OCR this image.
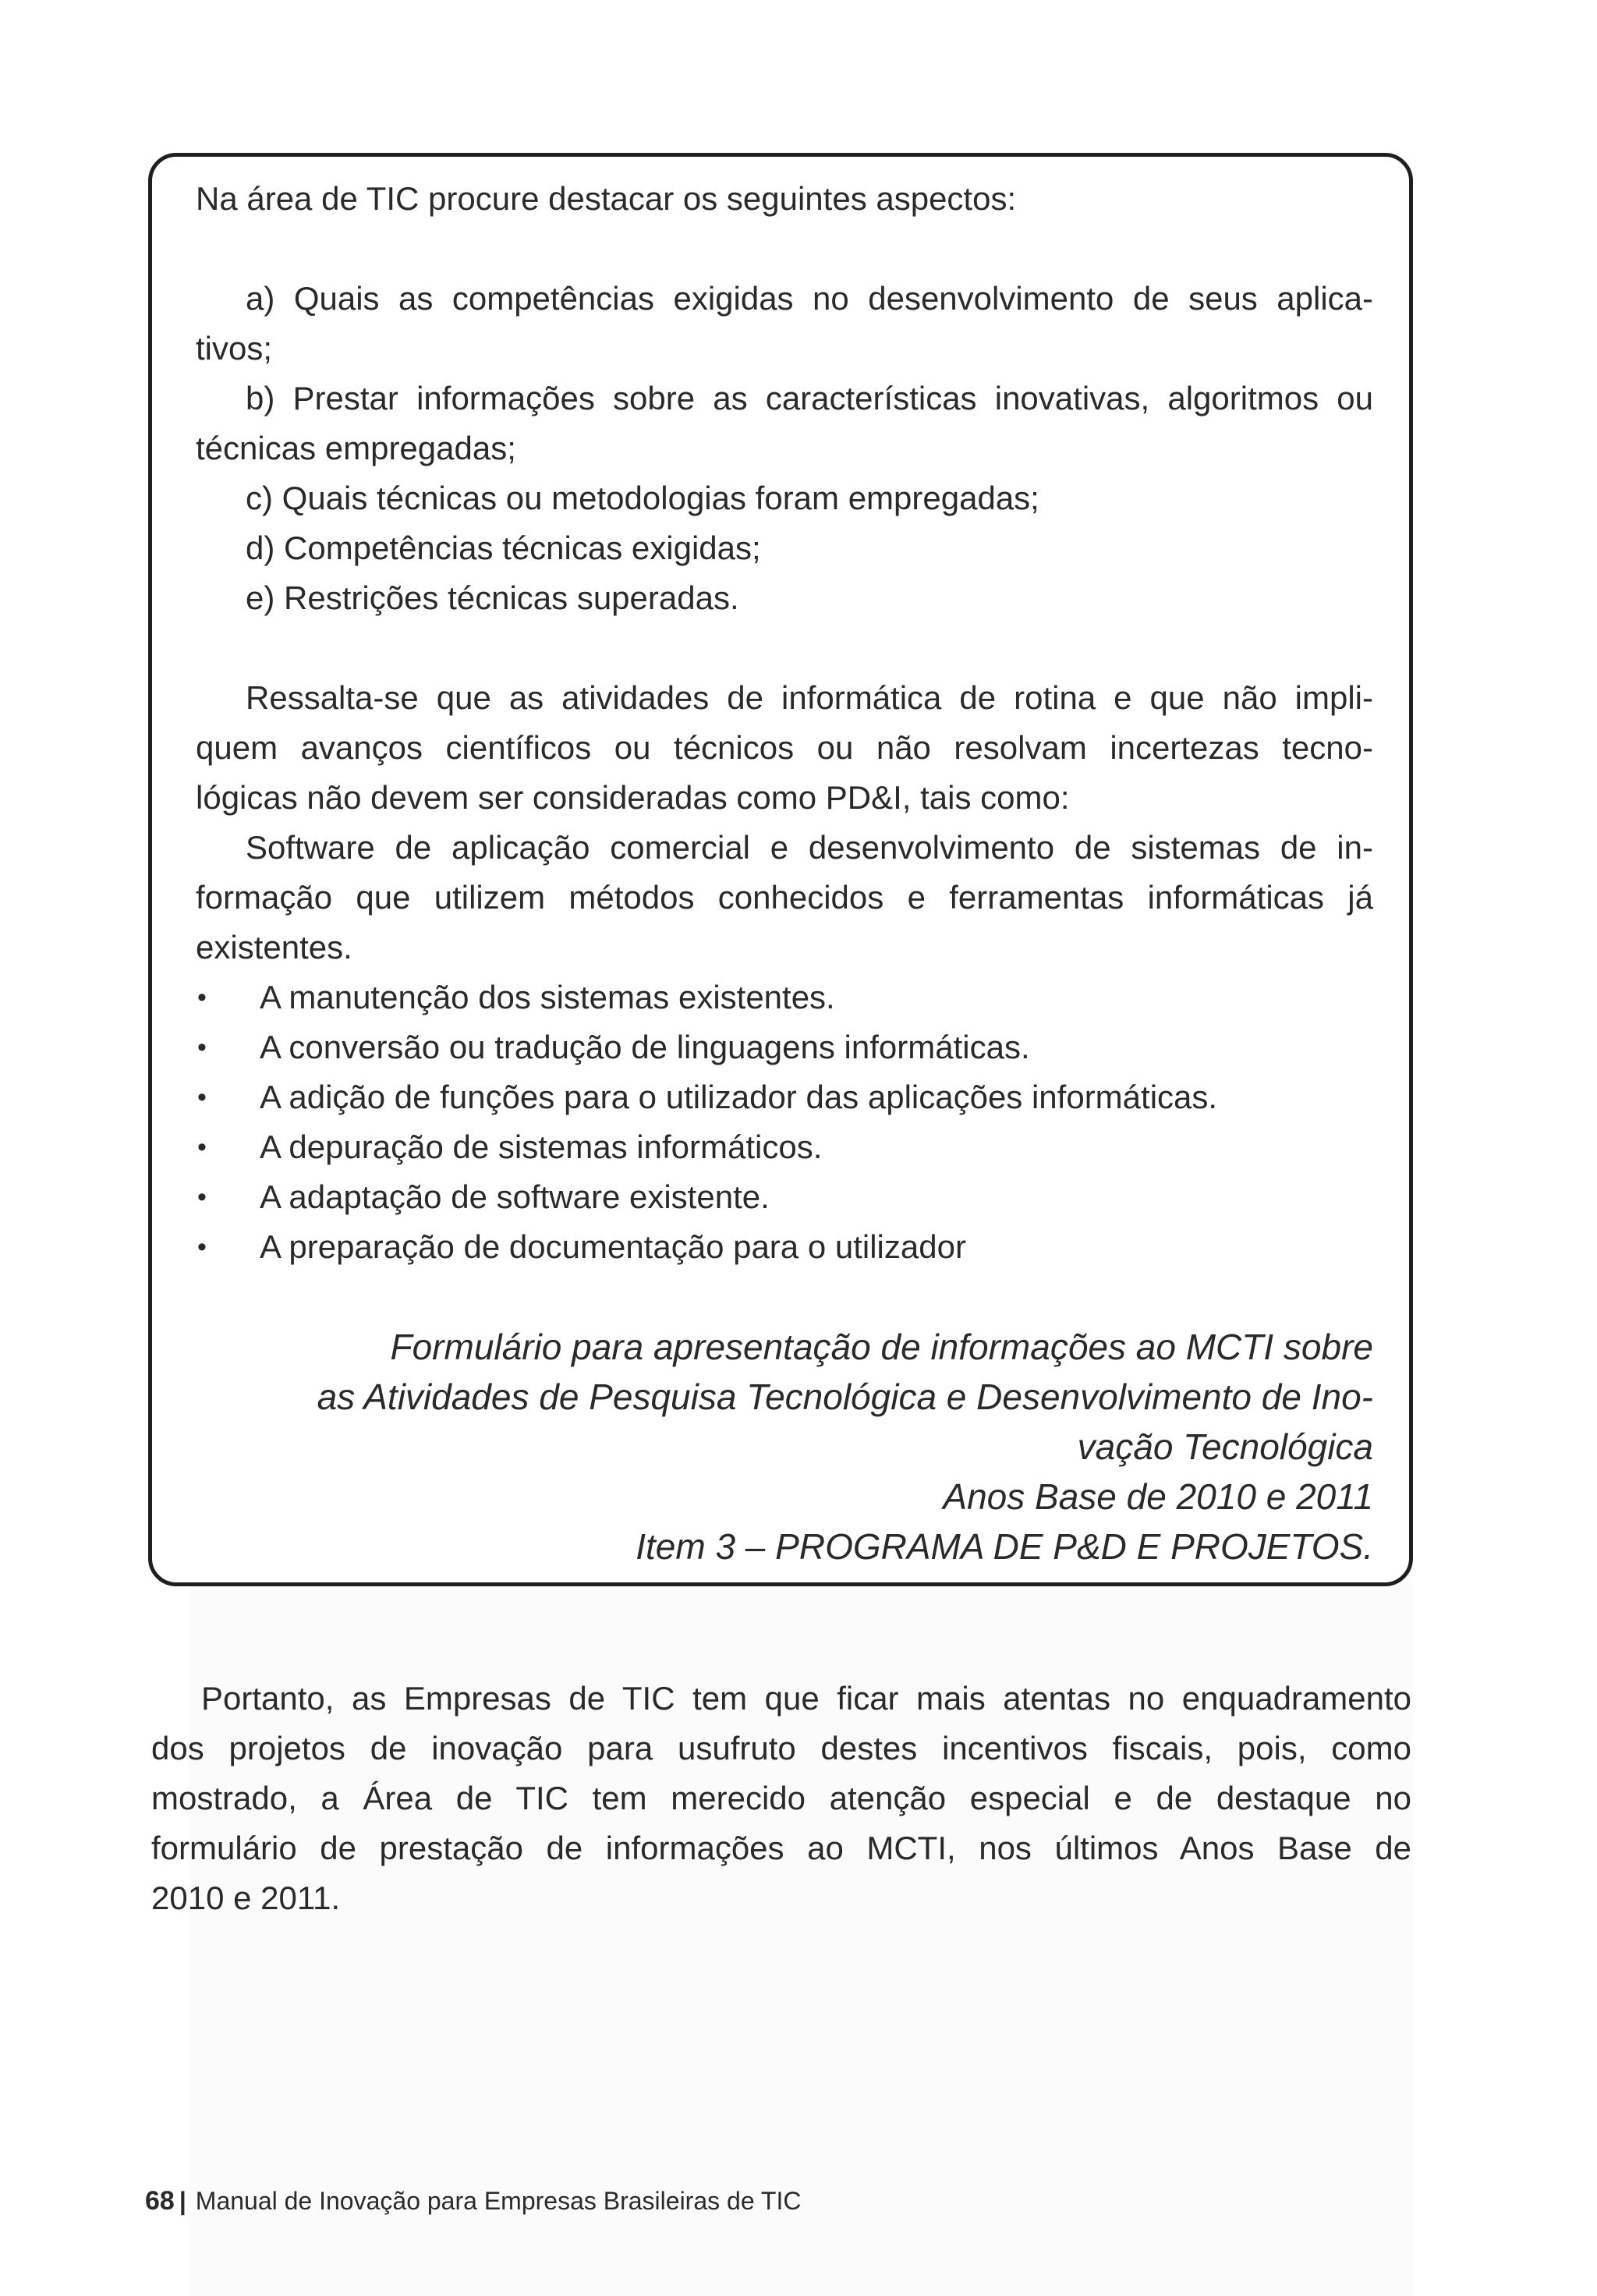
Na área de TIC procure destacar os seguintes aspectos:

a) Quais as competências exigidas no desenvolvimento de seus aplica-

tivos;

b) Prestar informações sobre as características inovativas, algoritmos ou

técnicas empregadas;

c) Quais técnicas ou metodologias foram empregadas;

d) Competências técnicas exigidas;

e) Restrições técnicas superadas.

Ressalta-se que as atividades de informática de rotina e que não impli-

quem avanços científicos ou técnicos ou não resolvam incertezas tecno-

lógicas não devem ser consideradas como PD&I, tais como:

Software de aplicação comercial e desenvolvimento de sistemas de in-

formação que utilizem métodos conhecidos e ferramentas informáticas já

existentes.

• A manutenção dos sistemas existentes.
• A conversão ou tradução de linguagens informáticas.
• A adição de funções para o utilizador das aplicações informáticas.
• A depuração de sistemas informáticos.
• A adaptação de software existente.
• A preparação de documentação para o utilizador

Formulário para apresentação de informações ao MCTI sobre

as Atividades de Pesquisa Tecnológica e Desenvolvimento de Ino-

vação Tecnológica

Anos Base de 2010 e 2011

Item 3 – PROGRAMA DE P&D E PROJETOS.

Portanto, as Empresas de TIC tem que ficar mais atentas no enquadramento

dos projetos de inovação para usufruto destes incentivos fiscais, pois, como

mostrado, a Área de TIC tem merecido atenção especial e de destaque no

formulário de prestação de informações ao MCTI, nos últimos Anos Base de

2010 e 2011.

68 | Manual de Inovação para Empresas Brasileiras de TIC
